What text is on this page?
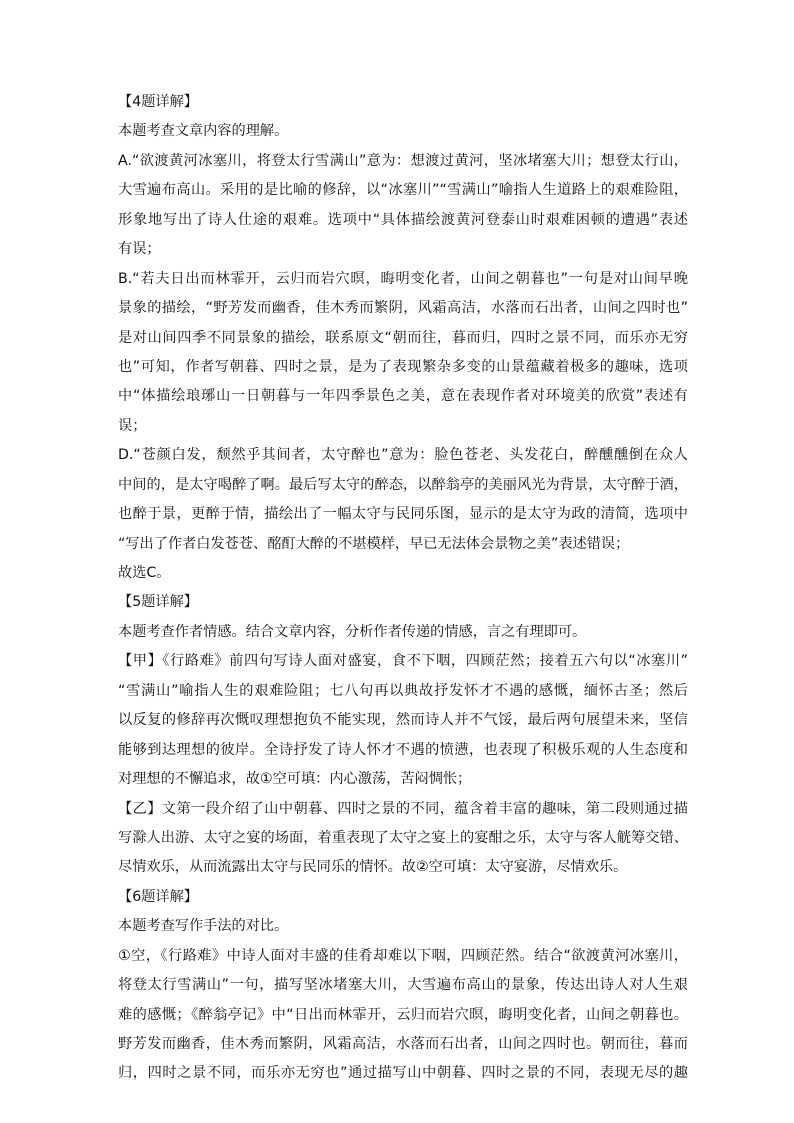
【4题详解】
本题考查文章内容的理解。
A.“欲渡黄河冰塞川，将登太行雪满山”意为：想渡过黄河，坚冰堵塞大川；想登太行山，
大雪遍布高山。采用的是比喻的修辞，以“冰塞川”“雪满山”喻指人生道路上的艰难险阻，
形象地写出了诗人仕途的艰难。选项中“具体描绘渡黄河登泰山时艰难困顿的遭遇”表述
有误；
B.“若夫日出而林霏开，云归而岩穴暝，晦明变化者，山间之朝暮也”一句是对山间早晚
景象的描绘，“野芳发而幽香，佳木秀而繁阴，风霜高洁，水落而石出者，山间之四时也”
是对山间四季不同景象的描绘，联系原文“朝而往，暮而归，四时之景不同，而乐亦无穷
也”可知，作者写朝暮、四时之景，是为了表现繁杂多变的山景蕴藏着极多的趣味，选项
中“体描绘琅琊山一日朝暮与一年四季景色之美，意在表现作者对环境美的欣赏”表述有
误；
D.“苍颜白发，颓然乎其间者，太守醉也”意为：脸色苍老、头发花白，醉醺醺倒在众人
中间的，是太守喝醉了啊。最后写太守的醉态，以醉翁亭的美丽风光为背景，太守醉于酒，
也醉于景，更醉于情，描绘出了一幅太守与民同乐图，显示的是太守为政的清简，选项中
“写出了作者白发苍苍、酩酊大醉的不堪模样，早已无法体会景物之美”表述错误；
故选C。
【5题详解】
本题考查作者情感。结合文章内容，分析作者传递的情感，言之有理即可。
【甲】《行路难》前四句写诗人面对盛宴，食不下咽，四顾茫然；接着五六句以“冰塞川”
“雪满山”喻指人生的艰难险阻；七八句再以典故抒发怀才不遇的感慨，缅怀古圣；然后
以反复的修辞再次慨叹理想抱负不能实现，然而诗人并不气馁，最后两句展望未来，坚信
能够到达理想的彼岸。全诗抒发了诗人怀才不遇的愤懑，也表现了积极乐观的人生态度和
对理想的不懈追求，故①空可填：内心激荡，苦闷惆怅；
【乙】文第一段介绍了山中朝暮、四时之景的不同，蕴含着丰富的趣味，第二段则通过描
写滁人出游、太守之宴的场面，着重表现了太守之宴上的宴酣之乐，太守与客人觥筹交错、
尽情欢乐，从而流露出太守与民同乐的情怀。故②空可填：太守宴游，尽情欢乐。
【6题详解】
本题考查写作手法的对比。
①空，《行路难》中诗人面对丰盛的佳肴却难以下咽，四顾茫然。结合“欲渡黄河冰塞川，
将登太行雪满山”一句，描写坚冰堵塞大川，大雪遍布高山的景象，传达出诗人对人生艰
难的感慨；《醉翁亭记》中“日出而林霏开，云归而岩穴暝，晦明变化者，山间之朝暮也。
野芳发而幽香，佳木秀而繁阴，风霜高洁，水落而石出者，山间之四时也。朝而往，暮而
归，四时之景不同，而乐亦无穷也”通过描写山中朝暮、四时之景的不同，表现无尽的趣
